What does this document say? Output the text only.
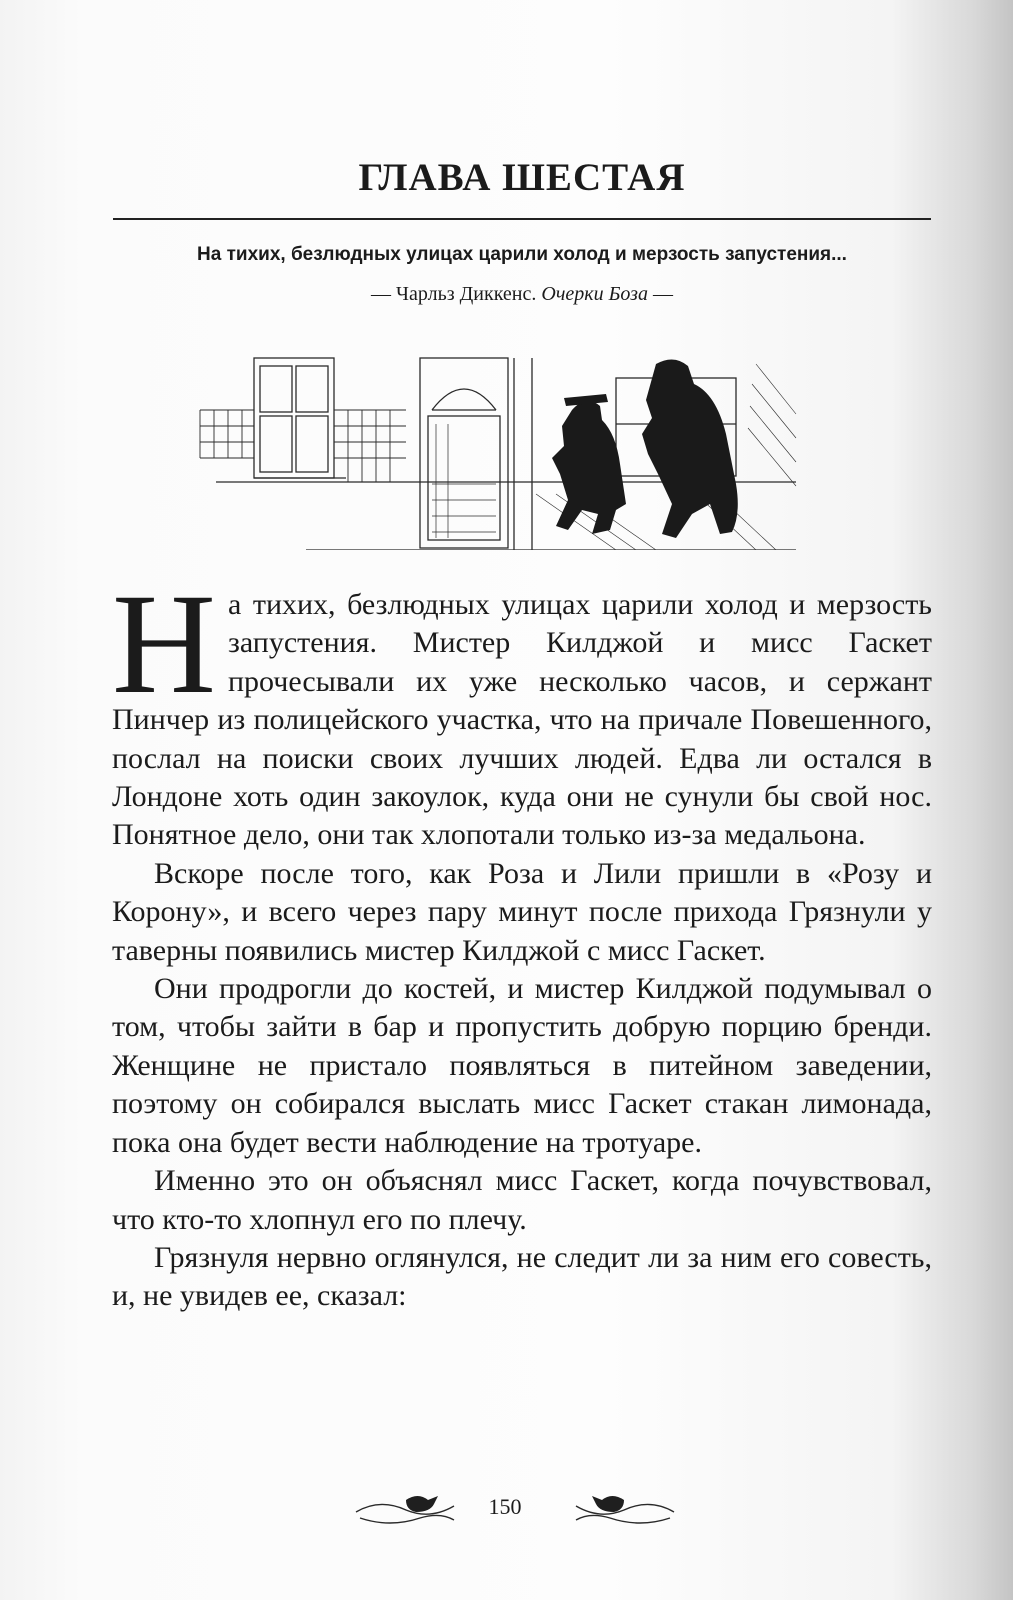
ГЛАВА ШЕСТАЯ
На тихих, безлюдных улицах царили холод и мерзость запустения...
— Чарльз Диккенс. Очерки Боза —

На тихих, безлюдных улицах царили холод и мерзость запустения. Мистер Килджой и мисс Гаскет прочесывали их уже несколько часов, и сержант Пинчер из полицейского участка, что на причале Повешенного, послал на поиски своих лучших людей. Едва ли остался в Лондоне хоть один закоулок, куда они не сунули бы свой нос. Понятное дело, они так хлопотали только из-за медальона.

Вскоре после того, как Роза и Лили пришли в «Розу и Корону», и всего через пару минут после прихода Грязнули у таверны появились мистер Килджой с мисс Гаскет.

Они продрогли до костей, и мистер Килджой подумывал о том, чтобы зайти в бар и пропустить добрую порцию бренди. Женщине не пристало появляться в питейном заведении, поэтому он собирался выслать мисс Гаскет стакан лимонада, пока она будет вести наблюдение на тротуаре.

Именно это он объяснял мисс Гаскет, когда почувствовал, что кто-то хлопнул его по плечу.

Грязнуля нервно оглянулся, не следит ли за ним его совесть, и, не увидев ее, сказал:

150
